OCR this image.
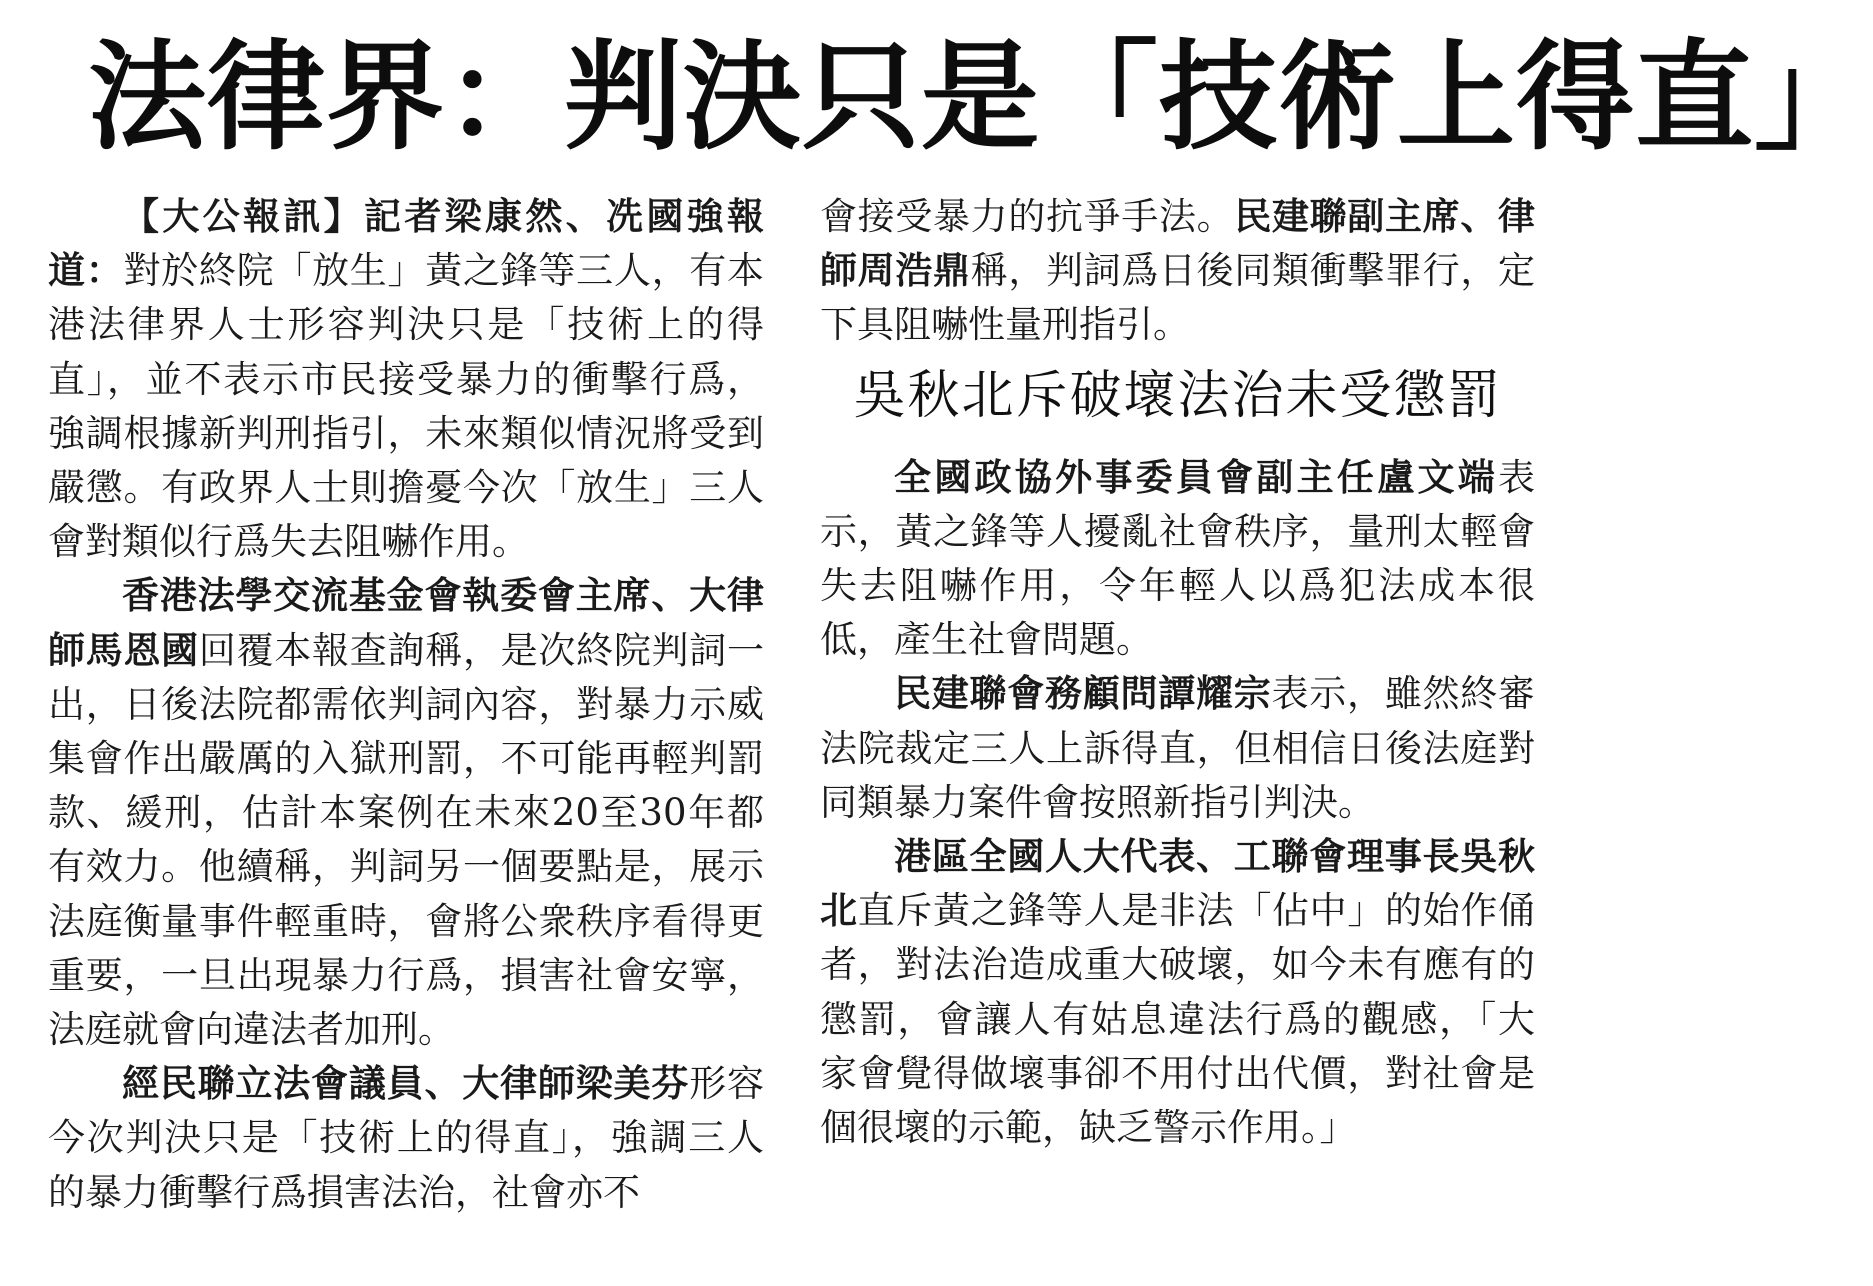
法律界：判決只是「技術上得直」

【大公報訊】記者梁康然、冼國強報道：對於終院「放生」黃之鋒等三人，有本港法律界人士形容判決只是「技術上的得直」，並不表示市民接受暴力的衝擊行爲，強調根據新判刑指引，未來類似情況將受到嚴懲。有政界人士則擔憂今次「放生」三人會對類似行爲失去阻嚇作用。

香港法學交流基金會執委會主席、大律師馬恩國回覆本報查詢稱，是次終院判詞一出，日後法院都需依判詞內容，對暴力示威集會作出嚴厲的入獄刑罰，不可能再輕判罰款、緩刑，估計本案例在未來20至30年都有效力。他續稱，判詞另一個要點是，展示法庭衡量事件輕重時，會將公衆秩序看得更重要，一旦出現暴力行爲，損害社會安寧，法庭就會向違法者加刑。

經民聯立法會議員、大律師梁美芬形容今次判決只是「技術上的得直」，強調三人的暴力衝擊行爲損害法治，社會亦不

會接受暴力的抗爭手法。民建聯副主席、律師周浩鼎稱，判詞爲日後同類衝擊罪行，定下具阻嚇性量刑指引。

吳秋北斥破壞法治未受懲罰

全國政協外事委員會副主任盧文端表示，黃之鋒等人擾亂社會秩序，量刑太輕會失去阻嚇作用，令年輕人以爲犯法成本很低，產生社會問題。

民建聯會務顧問譚耀宗表示，雖然終審法院裁定三人上訴得直，但相信日後法庭對同類暴力案件會按照新指引判決。

港區全國人大代表、工聯會理事長吳秋北直斥黃之鋒等人是非法「佔中」的始作俑者，對法治造成重大破壞，如今未有應有的懲罰，會讓人有姑息違法行爲的觀感，「大家會覺得做壞事卻不用付出代價，對社會是個很壞的示範，缺乏警示作用。」
